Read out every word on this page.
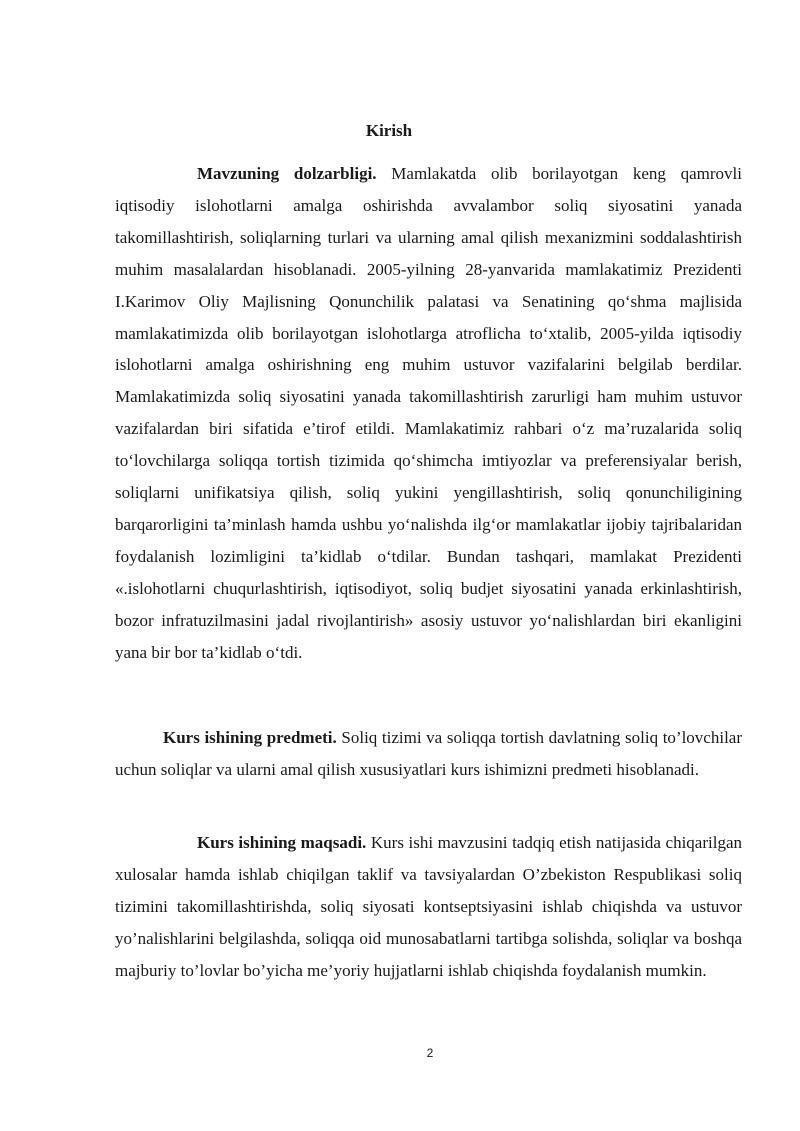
Kirish

Mavzuning dolzarbligi. Mamlakatda olib borilayotgan keng qamrovli iqtisodiy islohotlarni amalga oshirishda avvalambor soliq siyosatini yanada takomillashtirish, soliqlarning turlari va ularning amal qilish mexanizmini soddalashtirish muhim masalalardan hisoblanadi. 2005-yilning 28-yanvarida mamlakatimiz Prezidenti I.Karimov Oliy Majlisning Qonunchilik palatasi va Senatining qo‘shma majlisida mamlakatimizda olib borilayotgan islohotlarga atroflicha to‘xtalib, 2005-yilda iqtisodiy islohotlarni amalga oshirishning eng muhim ustuvor vazifalarini belgilab berdilar. Mamlakatimizda soliq siyosatini yanada takomillashtirish zarurligi ham muhim ustuvor vazifalardan biri sifatida e’tirof etildi. Mamlakatimiz rahbari o‘z ma’ruzalarida soliq to‘lovchilarga soliqqa tortish tizimida qo‘shimcha imtiyozlar va preferensiyalar berish, soliqlarni unifikatsiya qilish, soliq yukini yengillashtirish, soliq qonunchiligining barqarorligini ta’minlash hamda ushbu yo‘nalishda ilg‘or mamlakatlar ijobiy tajribalaridan foydalanish lozimligini ta’kidlab o‘tdilar. Bundan tashqari, mamlakat Prezidenti «.islohotlarni chuqurlashtirish, iqtisodiyot, soliq budjet siyosatini yanada erkinlashtirish, bozor infratuzilmasini jadal rivojlantirish» asosiy ustuvor yo‘nalishlardan biri ekanligini yana bir bor ta’kidlab o‘tdi.

Kurs ishining predmeti. Soliq tizimi va soliqqa tortish davlatning soliq to’lovchilar uchun soliqlar va ularni amal qilish xususiyatlari kurs ishimizni predmeti hisoblanadi.

Kurs ishining maqsadi. Kurs ishi mavzusini tadqiq etish natijasida chiqarilgan xulosalar hamda ishlab chiqilgan taklif va tavsiyalardan O’zbekiston Respublikasi soliq tizimini takomillashtirishda, soliq siyosati kontseptsiyasini ishlab chiqishda va ustuvor yo’nalishlarini belgilashda, soliqqa oid munosabatlarni tartibga solishda, soliqlar va boshqa majburiy to’lovlar bo’yicha me’yoriy hujjatlarni ishlab chiqishda foydalanish mumkin.

2
